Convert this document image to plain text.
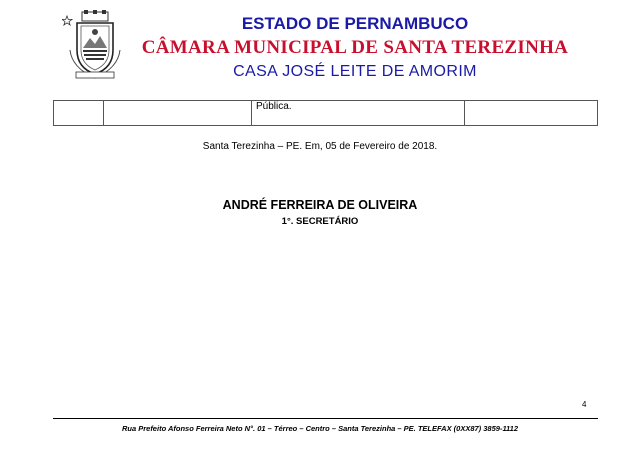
ESTADO DE PERNAMBUCO
CÂMARA MUNICIPAL DE SANTA TEREZINHA
CASA JOSÉ LEITE DE AMORIM
		Pública.	
Santa Terezinha – PE. Em, 05 de Fevereiro de 2018.
ANDRÉ FERREIRA DE OLIVEIRA
1°. SECRETÁRIO
4
Rua Prefeito Afonso Ferreira Neto N°. 01 – Térreo – Centro – Santa Terezinha – PE. TELEFAX (0XX87) 3859-1112
